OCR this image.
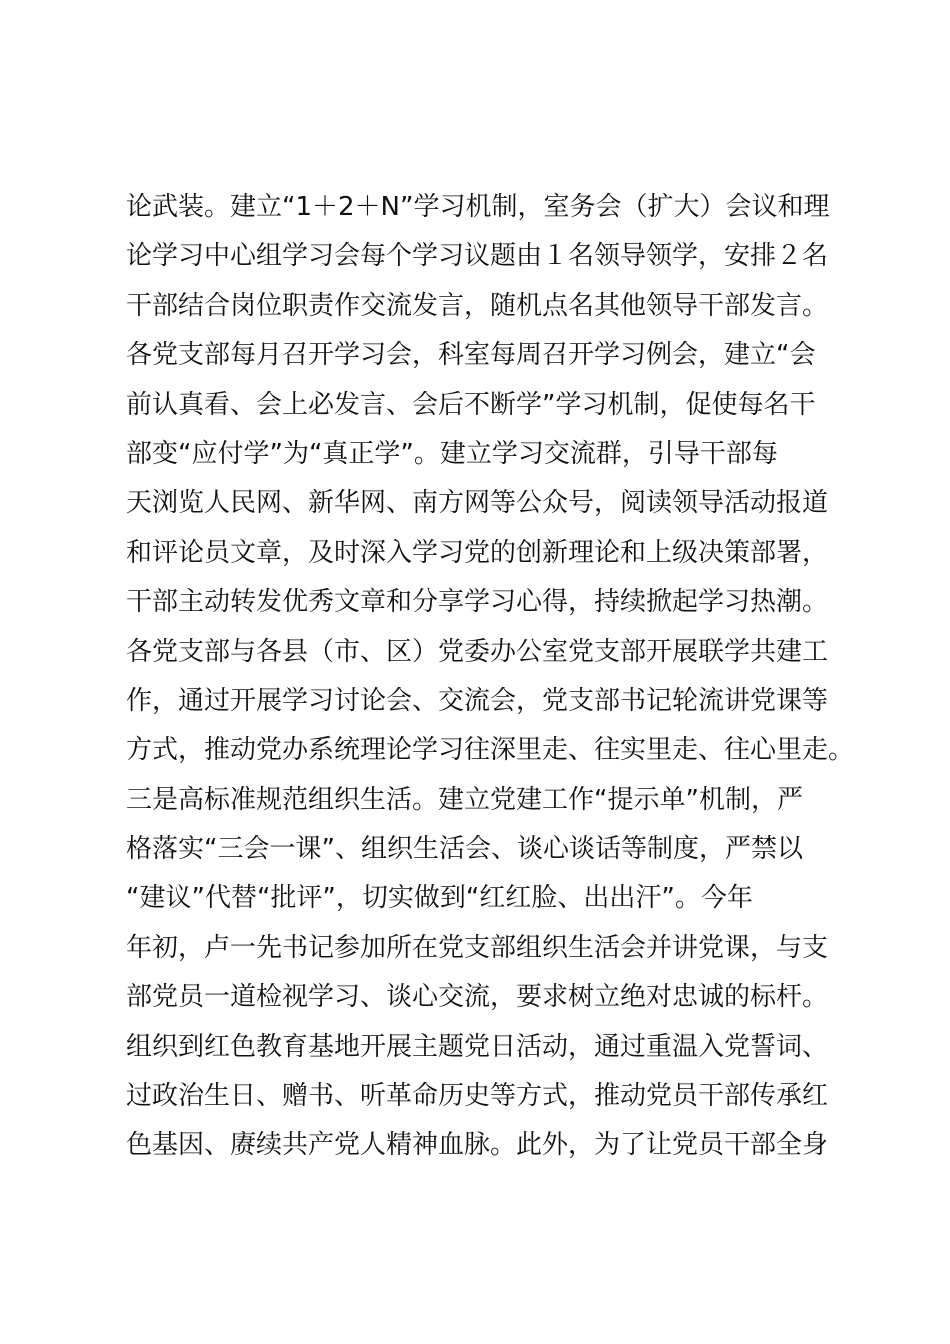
论武装。建立“1＋2＋N”学习机制，室务会（扩大）会议和理
论学习中心组学习会每个学习议题由１名领导领学，安排２名
干部结合岗位职责作交流发言，随机点名其他领导干部发言。
各党支部每月召开学习会，科室每周召开学习例会，建立“会
前认真看、会上必发言、会后不断学”学习机制，促使每名干
部变“应付学”为“真正学”。建立学习交流群，引导干部每
天浏览人民网、新华网、南方网等公众号，阅读领导活动报道
和评论员文章，及时深入学习党的创新理论和上级决策部署，
干部主动转发优秀文章和分享学习心得，持续掀起学习热潮。
各党支部与各县（市、区）党委办公室党支部开展联学共建工
作，通过开展学习讨论会、交流会，党支部书记轮流讲党课等
方式，推动党办系统理论学习往深里走、往实里走、往心里走。
三是高标准规范组织生活。建立党建工作“提示单”机制，严
格落实“三会一课”、组织生活会、谈心谈话等制度，严禁以
“建议”代替“批评”，切实做到“红红脸、出出汗”。今年
年初，卢一先书记参加所在党支部组织生活会并讲党课，与支
部党员一道检视学习、谈心交流，要求树立绝对忠诚的标杆。
组织到红色教育基地开展主题党日活动，通过重温入党誓词、
过政治生日、赠书、听革命历史等方式，推动党员干部传承红
色基因、赓续共产党人精神血脉。此外，为了让党员干部全身
